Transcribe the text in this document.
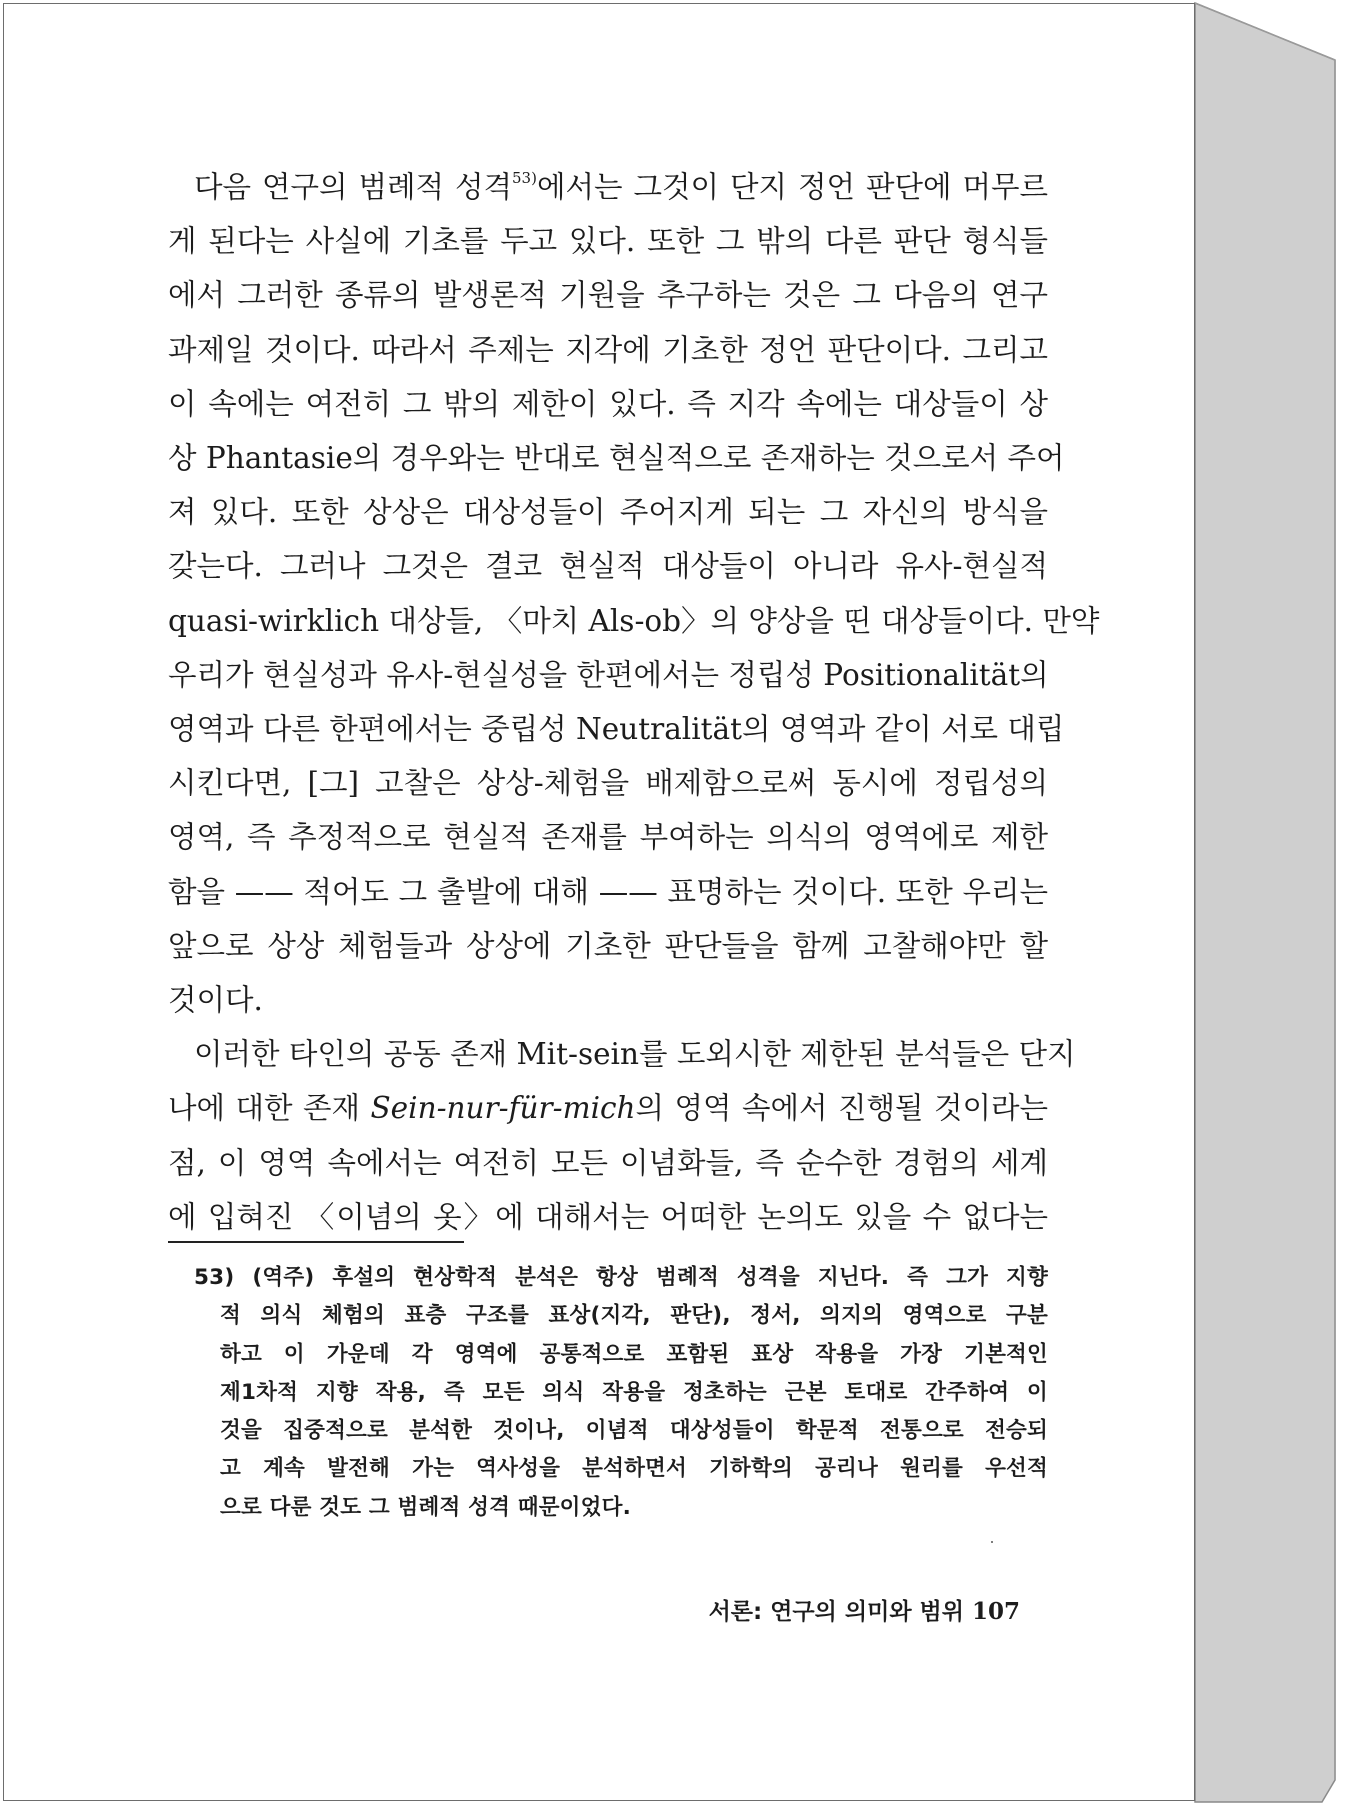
다음 연구의 범례적 성격$^{53)}$에서는 그것이 단지 정언 판단에 머무르
게 된다는 사실에 기초를 두고 있다. 또한 그 밖의 다른 판단 형식들
에서 그러한 종류의 발생론적 기원을 추구하는 것은 그 다음의 연구
과제일 것이다. 따라서 주제는 지각에 기초한 정언 판단이다. 그리고
이 속에는 여전히 그 밖의 제한이 있다. 즉 지각 속에는 대상들이 상
상 Phantasie의 경우와는 반대로 현실적으로 존재하는 것으로서 주어
져 있다. 또한 상상은 대상성들이 주어지게 되는 그 자신의 방식을
갖는다. 그러나 그것은 결코 현실적 대상들이 아니라 유사-현실적
quasi-wirklich 대상들, 〈마치 Als-ob〉의 양상을 띤 대상들이다. 만약
우리가 현실성과 유사-현실성을 한편에서는 정립성 Positionalität의
영역과 다른 한편에서는 중립성 Neutralität의 영역과 같이 서로 대립
시킨다면, [그] 고찰은 상상-체험을 배제함으로써 동시에 정립성의
영역, 즉 추정적으로 현실적 존재를 부여하는 의식의 영역에로 제한
함을 —— 적어도 그 출발에 대해 —— 표명하는 것이다. 또한 우리는
앞으로 상상 체험들과 상상에 기초한 판단들을 함께 고찰해야만 할
것이다.

이러한 타인의 공동 존재 Mit-sein를 도외시한 제한된 분석들은 단지
나에 대한 존재 Sein-nur-für-mich의 영역 속에서 진행될 것이라는
점, 이 영역 속에서는 여전히 모든 이념화들, 즉 순수한 경험의 세계
에 입혀진 〈이념의 옷〉에 대해서는 어떠한 논의도 있을 수 없다는

53) (역주) 후설의 현상학적 분석은 항상 범례적 성격을 지닌다. 즉 그가 지향
적 의식 체험의 표층 구조를 표상(지각, 판단), 정서, 의지의 영역으로 구분
하고 이 가운데 각 영역에 공통적으로 포함된 표상 작용을 가장 기본적인
제1차적 지향 작용, 즉 모든 의식 작용을 정초하는 근본 토대로 간주하여 이
것을 집중적으로 분석한 것이나, 이념적 대상성들이 학문적 전통으로 전승되
고 계속 발전해 가는 역사성을 분석하면서 기하학의 공리나 원리를 우선적
으로 다룬 것도 그 범례적 성격 때문이었다.
서론: 연구의 의미와 범위 107
